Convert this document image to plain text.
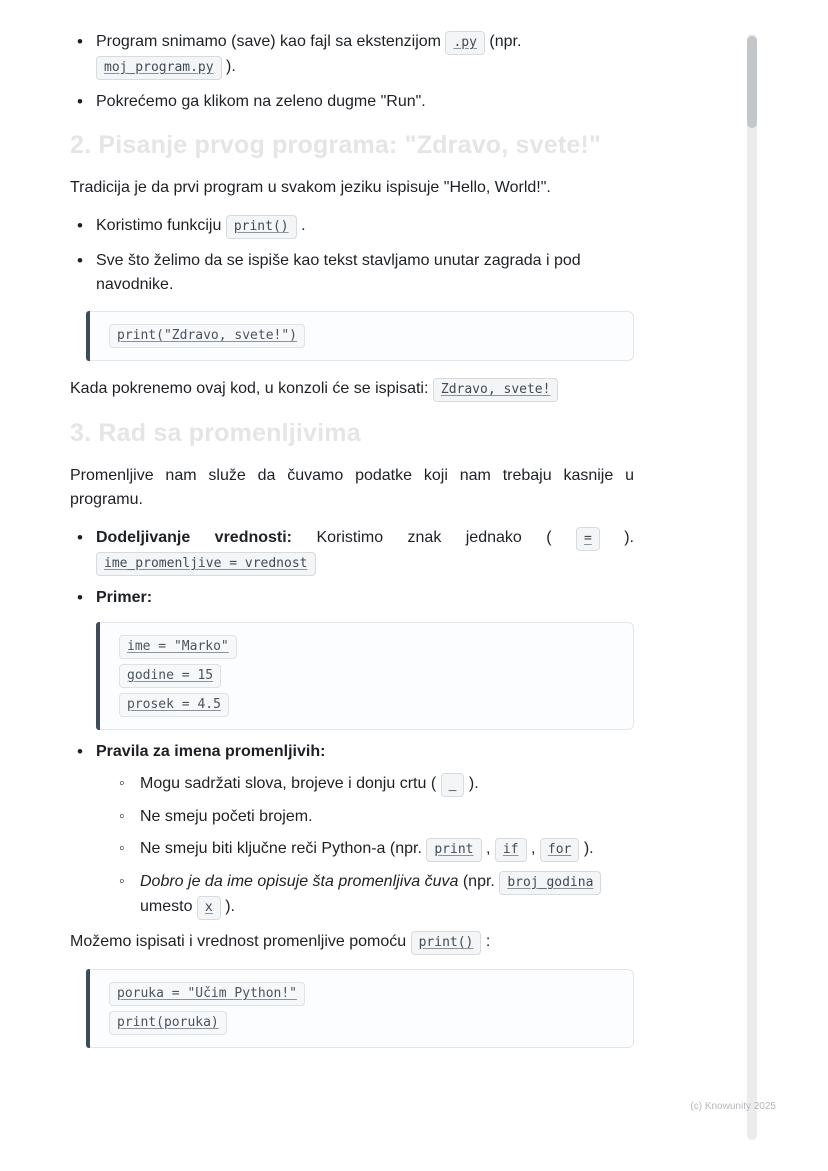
• Program snimamo (save) kao fajl sa ekstenzijom .py (npr. moj_program.py ).
• Pokrećemo ga klikom na zeleno dugme "Run".
2. Pisanje prvog programa: "Zdravo, svete!"

Tradicija je da prvi program u svakom jeziku ispisuje "Hello, World!".

• Koristimo funkciju print() .
• Sve što želimo da se ispiše kao tekst stavljamo unutar zagrada i pod navodnike.
print("Zdravo, svete!")

Kada pokrenemo ovaj kod, u konzoli će se ispisati: Zdravo, svete!

3. Rad sa promenljivima

Promenljive nam služe da čuvamo podatke koji nam trebaju kasnije u programu.

• Dodeljivanje vrednosti: Koristimo znak jednako ( = ). ime_promenljive = vrednost
• Primer:
ime = "Marko"
godine = 15
prosek = 4.5
• Pravila za imena promenljivih:
◦ Mogu sadržati slova, brojeve i donju crtu ( _ ).
◦ Ne smeju početi brojem.
◦ Ne smeju biti ključne reči Python-a (npr. print , if , for ).
◦ Dobro je da ime opisuje šta promenljiva čuva (npr. broj_godina umesto x ).

Možemo ispisati i vrednost promenljive pomoću print() :

poruka = "Učim Python!"
print(poruka)
(c) Knowunity 2025
